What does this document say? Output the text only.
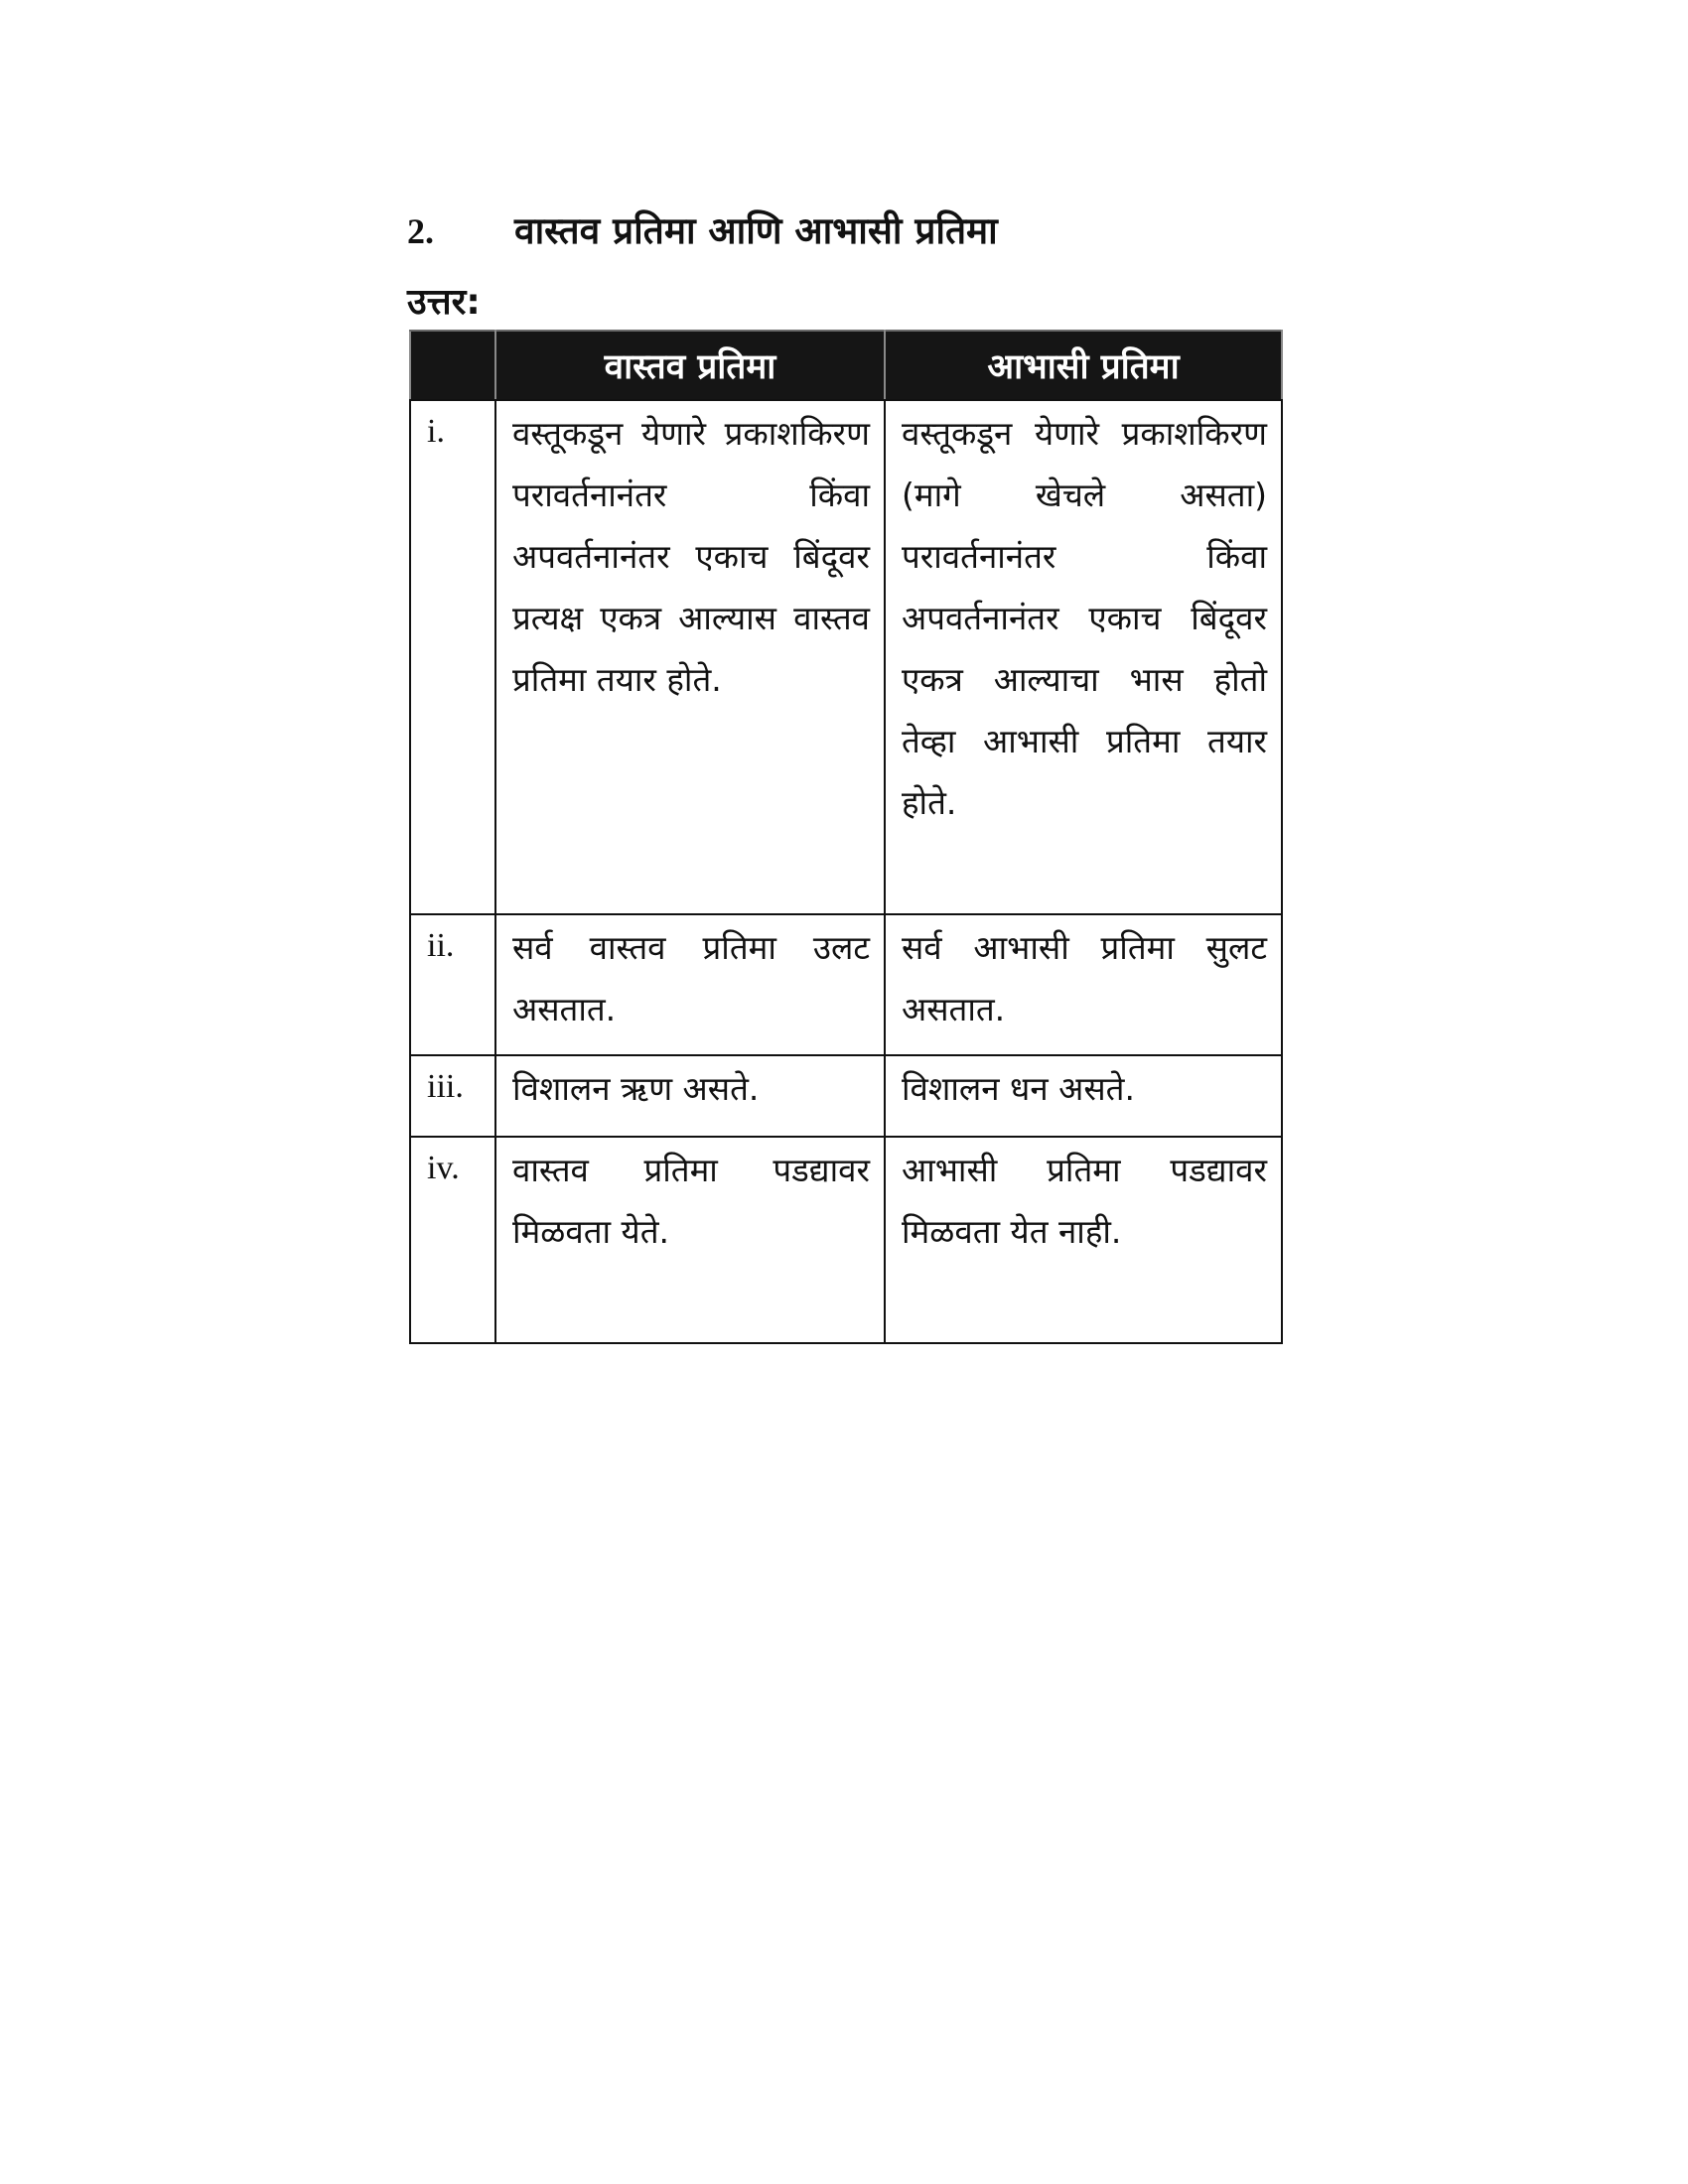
2.	वास्तव प्रतिमा आणि आभासी प्रतिमा
उत्तर:
	वास्तव प्रतिमा	आभासी प्रतिमा
i.	वस्तूकडून येणारे प्रकाशकिरण परावर्तनानंतर किंवा अपवर्तनानंतर एकाच बिंदूवर प्रत्यक्ष एकत्र आल्यास वास्तव प्रतिमा तयार होते.	वस्तूकडून येणारे प्रकाशकिरण (मागे खेचले असता) परावर्तनानंतर किंवा अपवर्तनानंतर एकाच बिंदूवर एकत्र आल्याचा भास होतो तेव्हा आभासी प्रतिमा तयार होते.
ii.	सर्व वास्तव प्रतिमा उलट असतात.	सर्व आभासी प्रतिमा सुलट असतात.
iii.	विशालन ऋण असते.	विशालन धन असते.
iv.	वास्तव प्रतिमा पडद्यावर मिळवता येते.	आभासी प्रतिमा पडद्यावर मिळवता येत नाही.
